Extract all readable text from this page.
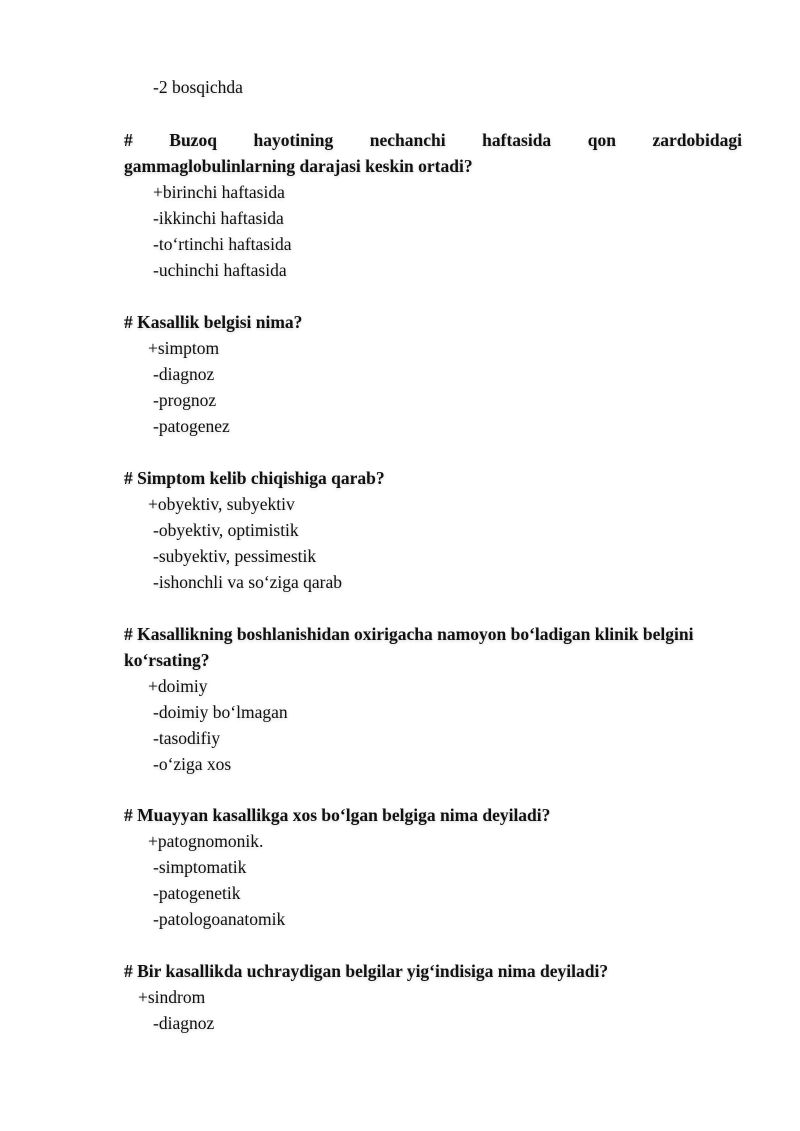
-2 bosqichda
# Buzoq hayotining nechanchi haftasida qon zardobidagi
gammaglobulinlarning darajasi keskin ortadi?
+birinchi haftasida
-ikkinchi haftasida
-to‘rtinchi haftasida
-uchinchi haftasida
# Kasallik belgisi nima?
+simptom
-diagnoz
-prognoz
-patogenez
# Simptom kelib chiqishiga qarab?
+obyektiv, subyektiv
-obyektiv, optimistik
-subyektiv, pessimestik
-ishonchli va so‘ziga qarab
# Kasallikning boshlanishidan oxirigacha namoyon bo‘ladigan klinik belgini
ko‘rsating?
+doimiy
-doimiy bo‘lmagan
-tasodifiy
-o‘ziga xos
# Muayyan kasallikga xos bo‘lgan belgiga nima deyiladi?
+patognomonik.
-simptomatik
-patogenetik
-patologoanatomik
# Bir kasallikda uchraydigan belgilar yig‘indisiga nima deyiladi?
+sindrom
-diagnoz
